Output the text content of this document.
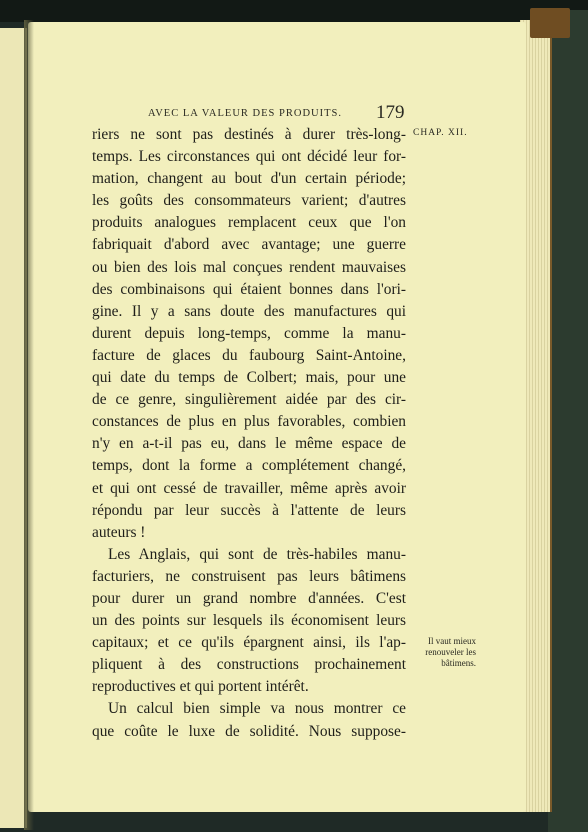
AVEC LA VALEUR DES PRODUITS. 179
CHAP. XII.
riers ne sont pas destinés à durer très-long-
temps. Les circonstances qui ont décidé leur for-
mation, changent au bout d'un certain période;
les goûts des consommateurs varient; d'autres
produits analogues remplacent ceux que l'on
fabriquait d'abord avec avantage; une guerre
ou bien des lois mal conçues rendent mauvaises
des combinaisons qui étaient bonnes dans l'ori-
gine. Il y a sans doute des manufactures qui
durent depuis long-temps, comme la manu-
facture de glaces du faubourg Saint-Antoine,
qui date du temps de Colbert; mais, pour une
de ce genre, singulièrement aidée par des cir-
constances de plus en plus favorables, combien
n'y en a-t-il pas eu, dans le même espace de
temps, dont la forme a complétement changé,
et qui ont cessé de travailler, même après avoir
répondu par leur succès à l'attente de leurs
auteurs !
Les Anglais, qui sont de très-habiles manu-
facturiers, ne construisent pas leurs bâtimens
pour durer un grand nombre d'années. C'est
un des points sur lesquels ils économisent leurs
capitaux; et ce qu'ils épargnent ainsi, ils l'ap-
pliquent à des constructions prochainement
reproductives et qui portent intérêt.
Un calcul bien simple va nous montrer ce
que coûte le luxe de solidité. Nous suppose-
Il vaut mieux
renouveler les
bâtimens.
